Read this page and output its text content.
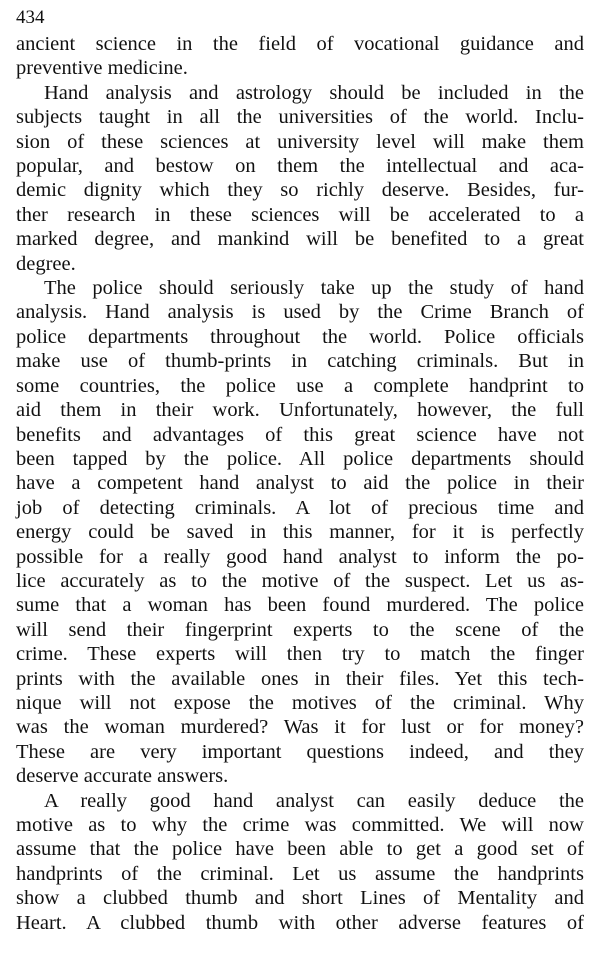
434
ancient science in the field of vocational guidance and
preventive medicine.
Hand analysis and astrology should be included in the
subjects taught in all the universities of the world. Inclu-
sion of these sciences at university level will make them
popular, and bestow on them the intellectual and aca-
demic dignity which they so richly deserve. Besides, fur-
ther research in these sciences will be accelerated to a
marked degree, and mankind will be benefited to a great
degree.
The police should seriously take up the study of hand
analysis. Hand analysis is used by the Crime Branch of
police departments throughout the world. Police officials
make use of thumb-prints in catching criminals. But in
some countries, the police use a complete handprint to
aid them in their work. Unfortunately, however, the full
benefits and advantages of this great science have not
been tapped by the police. All police departments should
have a competent hand analyst to aid the police in their
job of detecting criminals. A lot of precious time and
energy could be saved in this manner, for it is perfectly
possible for a really good hand analyst to inform the po-
lice accurately as to the motive of the suspect. Let us as-
sume that a woman has been found murdered. The police
will send their fingerprint experts to the scene of the
crime. These experts will then try to match the finger
prints with the available ones in their files. Yet this tech-
nique will not expose the motives of the criminal. Why
was the woman murdered? Was it for lust or for money?
These are very important questions indeed, and they
deserve accurate answers.
A really good hand analyst can easily deduce the
motive as to why the crime was committed. We will now
assume that the police have been able to get a good set of
handprints of the criminal. Let us assume the handprints
show a clubbed thumb and short Lines of Mentality and
Heart. A clubbed thumb with other adverse features of
